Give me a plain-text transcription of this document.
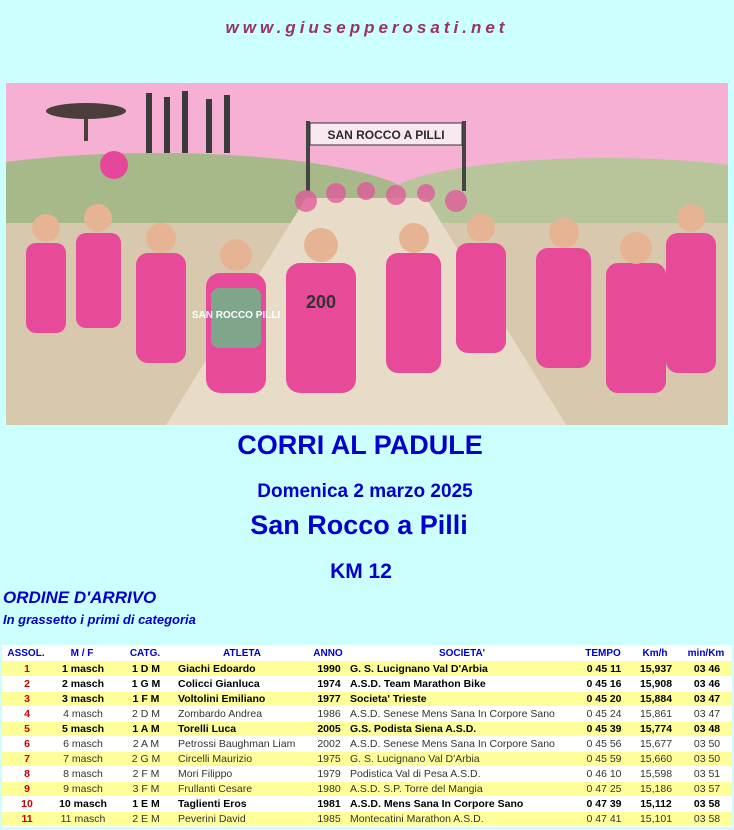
www.giusepperosati.net
SAN ROCCO A PILLI
SAN ROCCO PILLI
200
CORRI AL PADULE
Domenica 2 marzo 2025
San Rocco a Pilli
KM 12
ORDINE D'ARRIVO
In grassetto i primi di categoria
ASSOL.	M / F	CATG.	ATLETA	ANNO	SOCIETA'	TEMPO	Km/h	min/Km
1	1 masch	1 D M	Giachi Edoardo	1990	G. S. Lucignano Val D'Arbia	0 45 11	15,937	03 46
2	2 masch	1 G M	Colicci Gianluca	1974	A.S.D. Team Marathon Bike	0 45 16	15,908	03 46
3	3 masch	1 F M	Voltolini Emiliano	1977	Societa' Trieste	0 45 20	15,884	03 47
4	4 masch	2 D M	Zombardo Andrea	1986	A.S.D. Senese Mens Sana In Corpore Sano	0 45 24	15,861	03 47
5	5 masch	1 A M	Torelli Luca	2005	G.S. Podista Siena A.S.D.	0 45 39	15,774	03 48
6	6 masch	2 A M	Petrossi Baughman Liam	2002	A.S.D. Senese Mens Sana In Corpore Sano	0 45 56	15,677	03 50
7	7 masch	2 G M	Circelli Maurizio	1975	G. S. Lucignano Val D'Arbia	0 45 59	15,660	03 50
8	8 masch	2 F M	Mori Filippo	1979	Podistica Val di Pesa A.S.D.	0 46 10	15,598	03 51
9	9 masch	3 F M	Frullanti Cesare	1980	A.S.D. S.P. Torre del Mangia	0 47 25	15,186	03 57
10	10 masch	1 E M	Taglienti Eros	1981	A.S.D. Mens Sana In Corpore Sano	0 47 39	15,112	03 58
11	11 masch	2 E M	Peverini David	1985	Montecatini Marathon A.S.D.	0 47 41	15,101	03 58
